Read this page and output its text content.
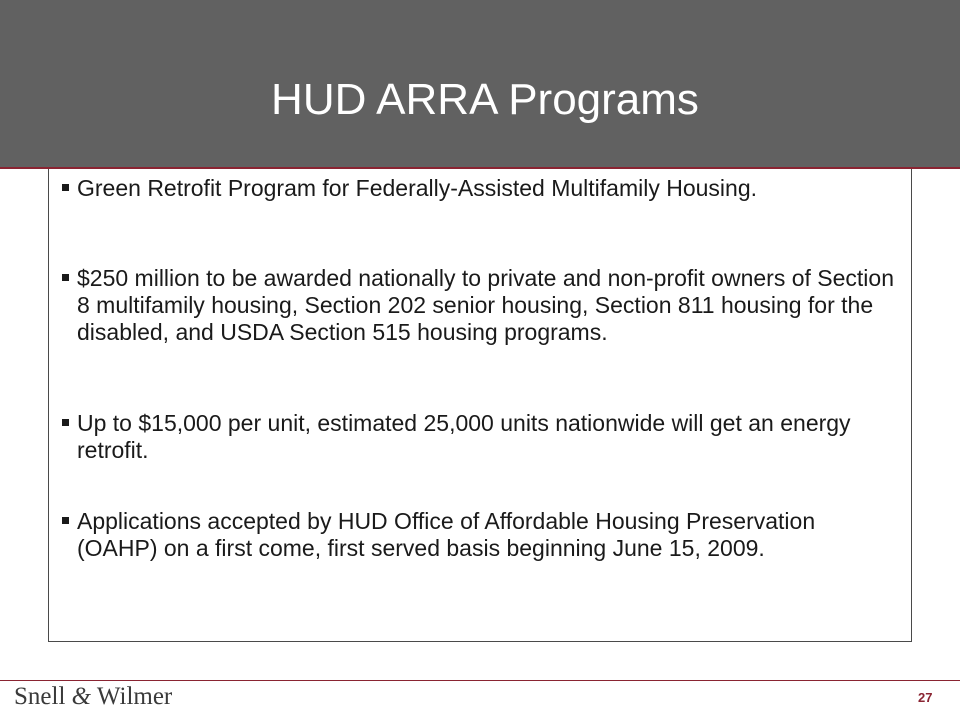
HUD ARRA Programs
Green Retrofit Program for Federally-Assisted Multifamily Housing.
$250 million to be awarded nationally to private and non-profit owners of Section 8 multifamily housing, Section 202 senior housing, Section 811 housing for the disabled, and USDA Section 515 housing programs.
Up to $15,000 per unit, estimated 25,000 units nationwide will get an energy retrofit.
Applications accepted by HUD Office of Affordable Housing Preservation (OAHP) on a first come, first served basis beginning June 15, 2009.
Snell & Wilmer	27
